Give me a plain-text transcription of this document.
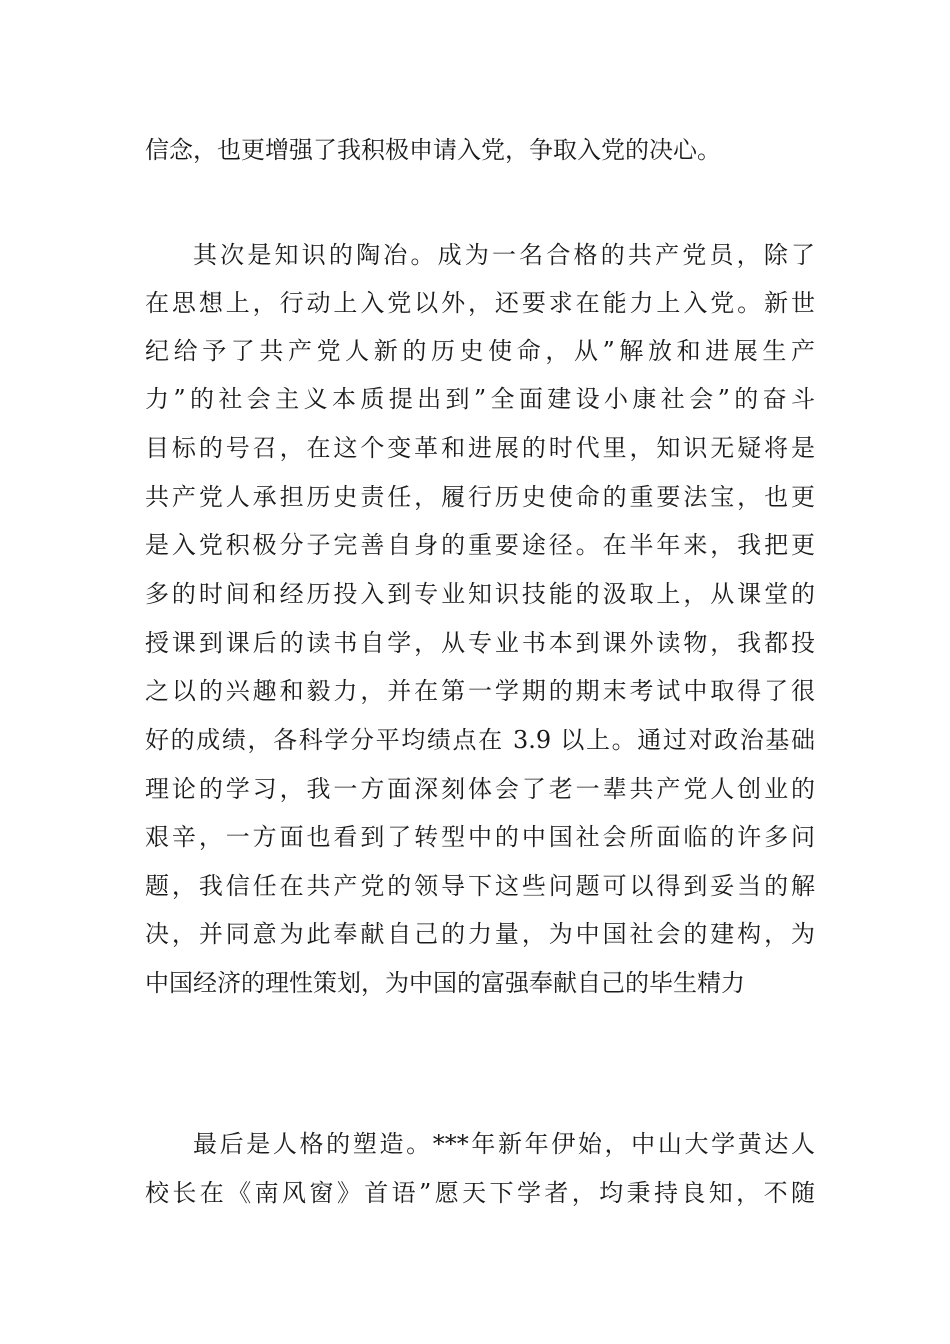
信念，也更增强了我积极申请入党，争取入党的决心。
其次是知识的陶冶。成为一名合格的共产党员，除了
在思想上，行动上入党以外，还要求在能力上入党。新世
纪给予了共产党人新的历史使命，从”解放和进展生产
力”的社会主义本质提出到”全面建设小康社会”的奋斗
目标的号召，在这个变革和进展的时代里，知识无疑将是
共产党人承担历史责任，履行历史使命的重要法宝，也更
是入党积极分子完善自身的重要途径。在半年来，我把更
多的时间和经历投入到专业知识技能的汲取上，从课堂的
授课到课后的读书自学，从专业书本到课外读物，我都投
之以的兴趣和毅力，并在第一学期的期末考试中取得了很
好的成绩，各科学分平均绩点在 3.9 以上。通过对政治基础
理论的学习，我一方面深刻体会了老一辈共产党人创业的
艰辛，一方面也看到了转型中的中国社会所面临的许多问
题，我信任在共产党的领导下这些问题可以得到妥当的解
决，并同意为此奉献自己的力量，为中国社会的建构，为
中国经济的理性策划，为中国的富强奉献自己的毕生精力
最后是人格的塑造。***年新年伊始，中山大学黄达人
校长在《南风窗》首语”愿天下学者，均秉持良知，不随
